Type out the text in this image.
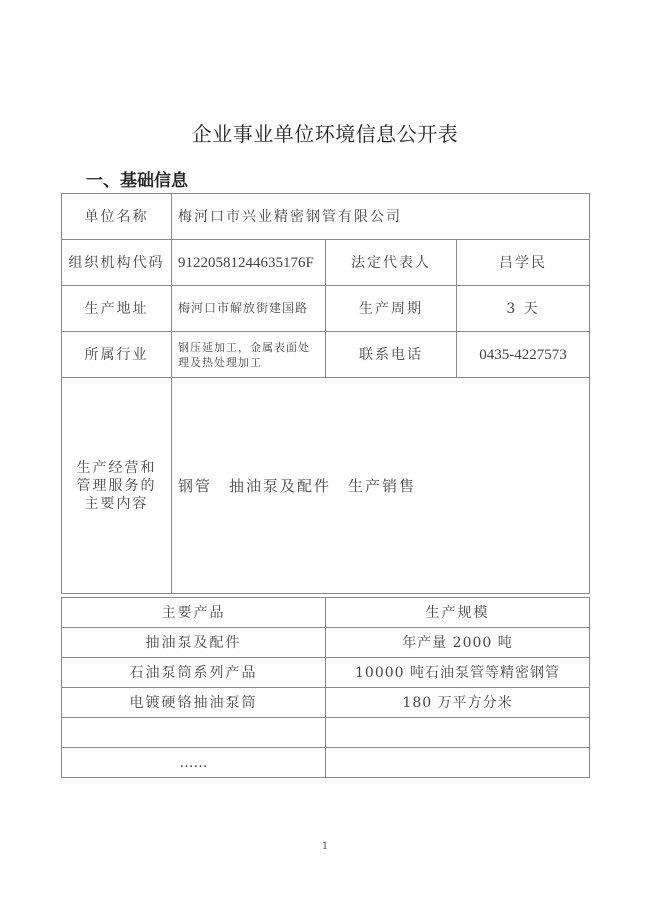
企业事业单位环境信息公开表
一、基础信息
单位名称	梅河口市兴业精密钢管有限公司		
组织机构代码	91220581244635176F	法定代表人	吕学民
生产地址	梅河口市解放街建国路	生产周期	3 天
所属行业	钢压延加工，金属表面处理及热处理加工	联系电话	0435-4227573
生产经营和管理服务的主要内容	钢管　抽油泵及配件　生产销售		
主要产品	生产规模
抽油泵及配件	年产量 2000 吨
石油泵筒系列产品	10000 吨石油泵管等精密钢管
电镀硬铬抽油泵筒	180 万平方分米

……	
1
